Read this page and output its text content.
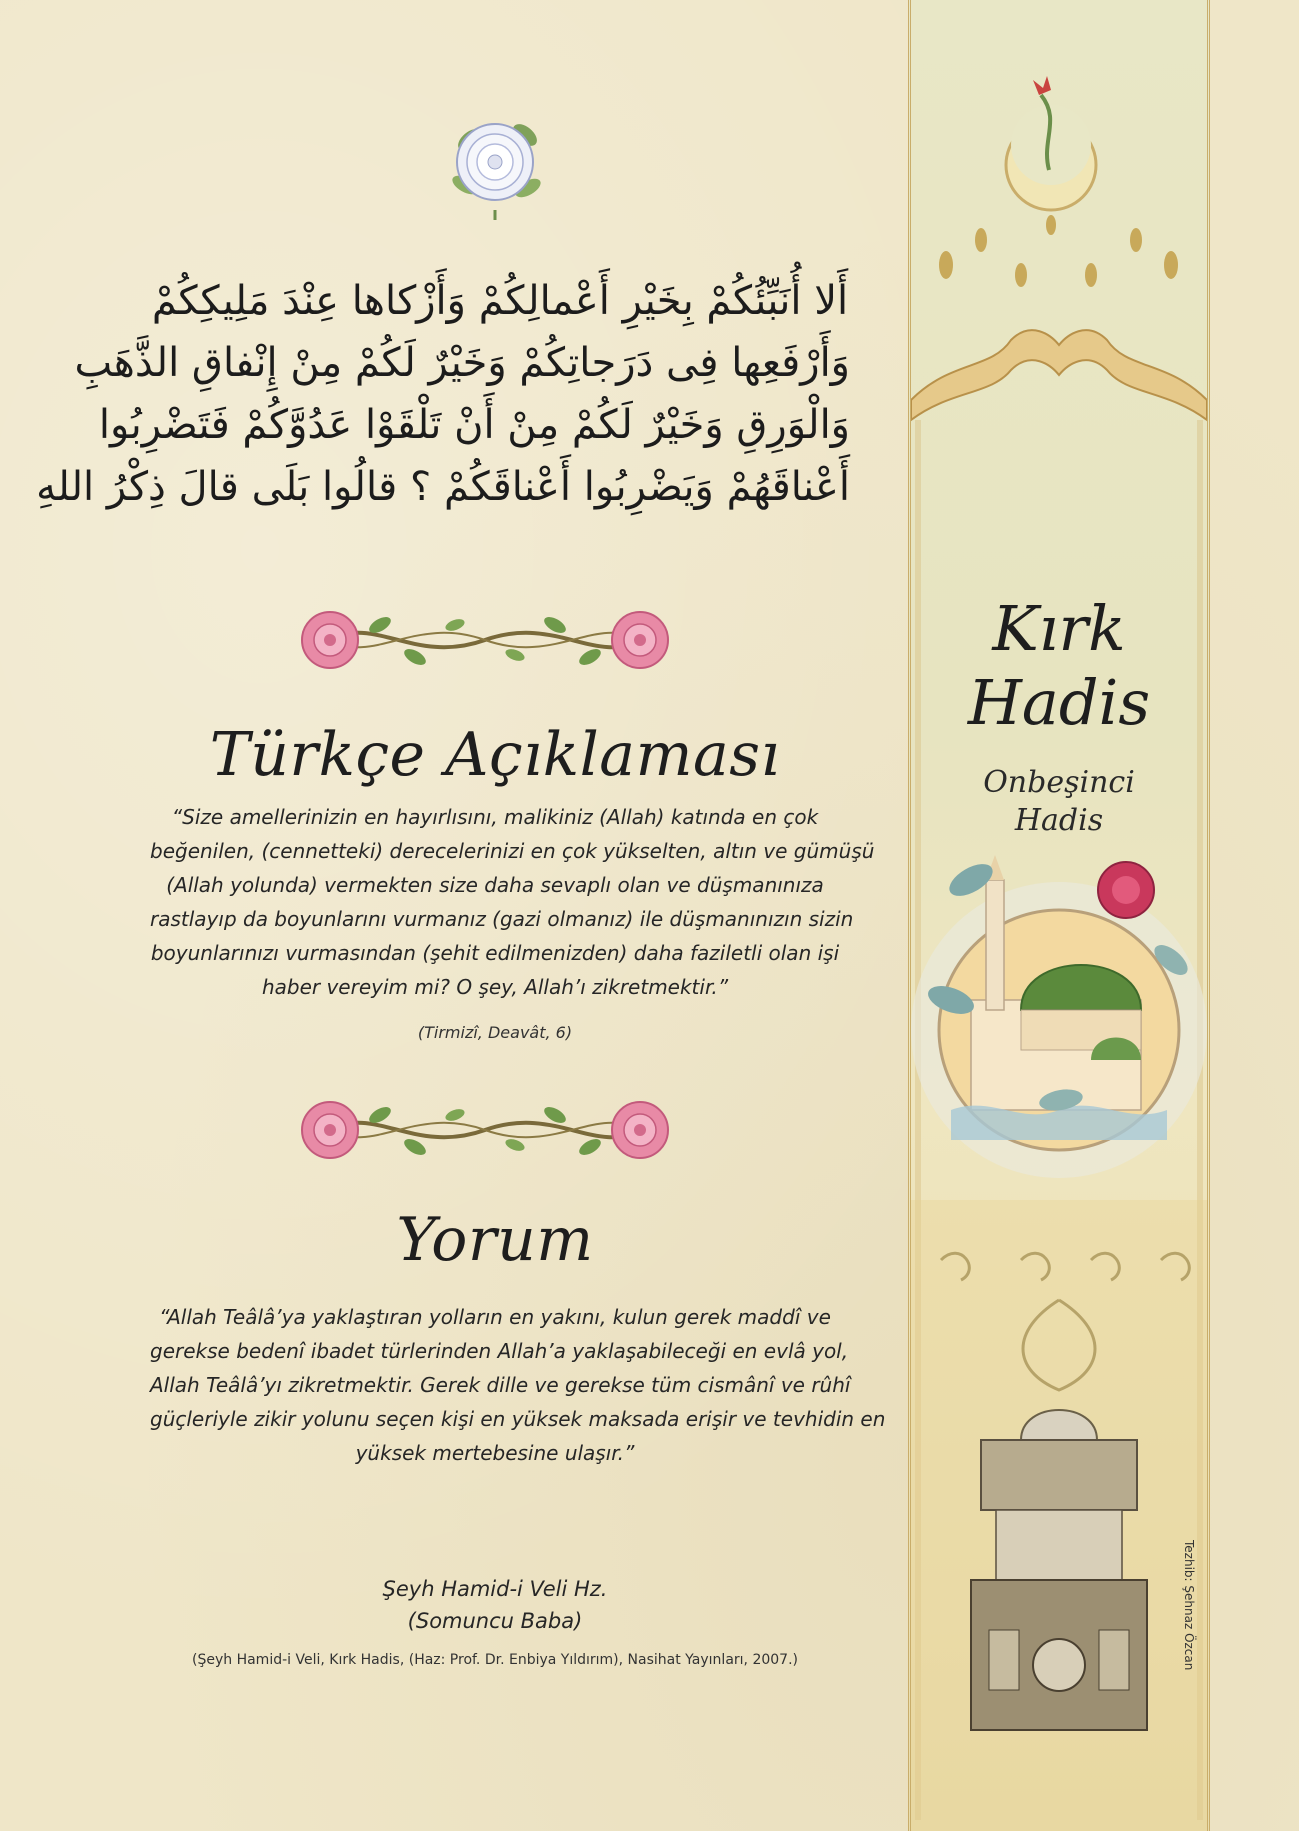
أَلا أُنَبِّئُكُمْ بِخَيْرِ أَعْمالِكُمْ وَأَزْكاها عِنْدَ مَلِيكِكُمْ
وَأَرْفَعِها فِى دَرَجاتِكُمْ وَخَيْرٌ لَكُمْ مِنْ إِنْفاقِ الذَّهَبِ
وَالْوَرِقِ وَخَيْرٌ لَكُمْ مِنْ أَنْ تَلْقَوْا عَدُوَّكُمْ فَتَضْرِبُوا
أَعْناقَهُمْ وَيَضْرِبُوا أَعْناقَكُمْ ؟ قالُوا بَلَى قالَ ذِكْرُ اللهِ
Türkçe Açıklaması
“Size amellerinizin en hayırlısını, malikiniz (Allah) katında en çok
beğenilen, (cennetteki) derecelerinizi en çok yükselten, altın ve gümüşü
(Allah yolunda) vermekten size daha sevaplı olan ve düşmanınıza
rastlayıp da boyunlarını vurmanız (gazi olmanız) ile düşmanınızın sizin
boyunlarınızı vurmasından (şehit edilmenizden) daha faziletli olan işi
haber vereyim mi? O şey, Allah’ı zikretmektir.”
(Tirmizî, Deavât, 6)
Yorum
“Allah Teâlâ’ya yaklaştıran yolların en yakını, kulun gerek maddî ve
gerekse bedenî ibadet türlerinden Allah’a yaklaşabileceği en evlâ yol,
Allah Teâlâ’yı zikretmektir. Gerek dille ve gerekse tüm cismânî ve rûhî
güçleriyle zikir yolunu seçen kişi en yüksek maksada erişir ve tevhidin en
yüksek mertebesine ulaşır.”
Şeyh Hamid-i Veli Hz.
(Somuncu Baba)
(Şeyh Hamid-i Veli, Kırk Hadis, (Haz: Prof. Dr. Enbiya Yıldırım), Nasihat Yayınları, 2007.)
Kırk
Hadis
Onbeşinci
Hadis
Tezhib: Şehnaz Özcan
